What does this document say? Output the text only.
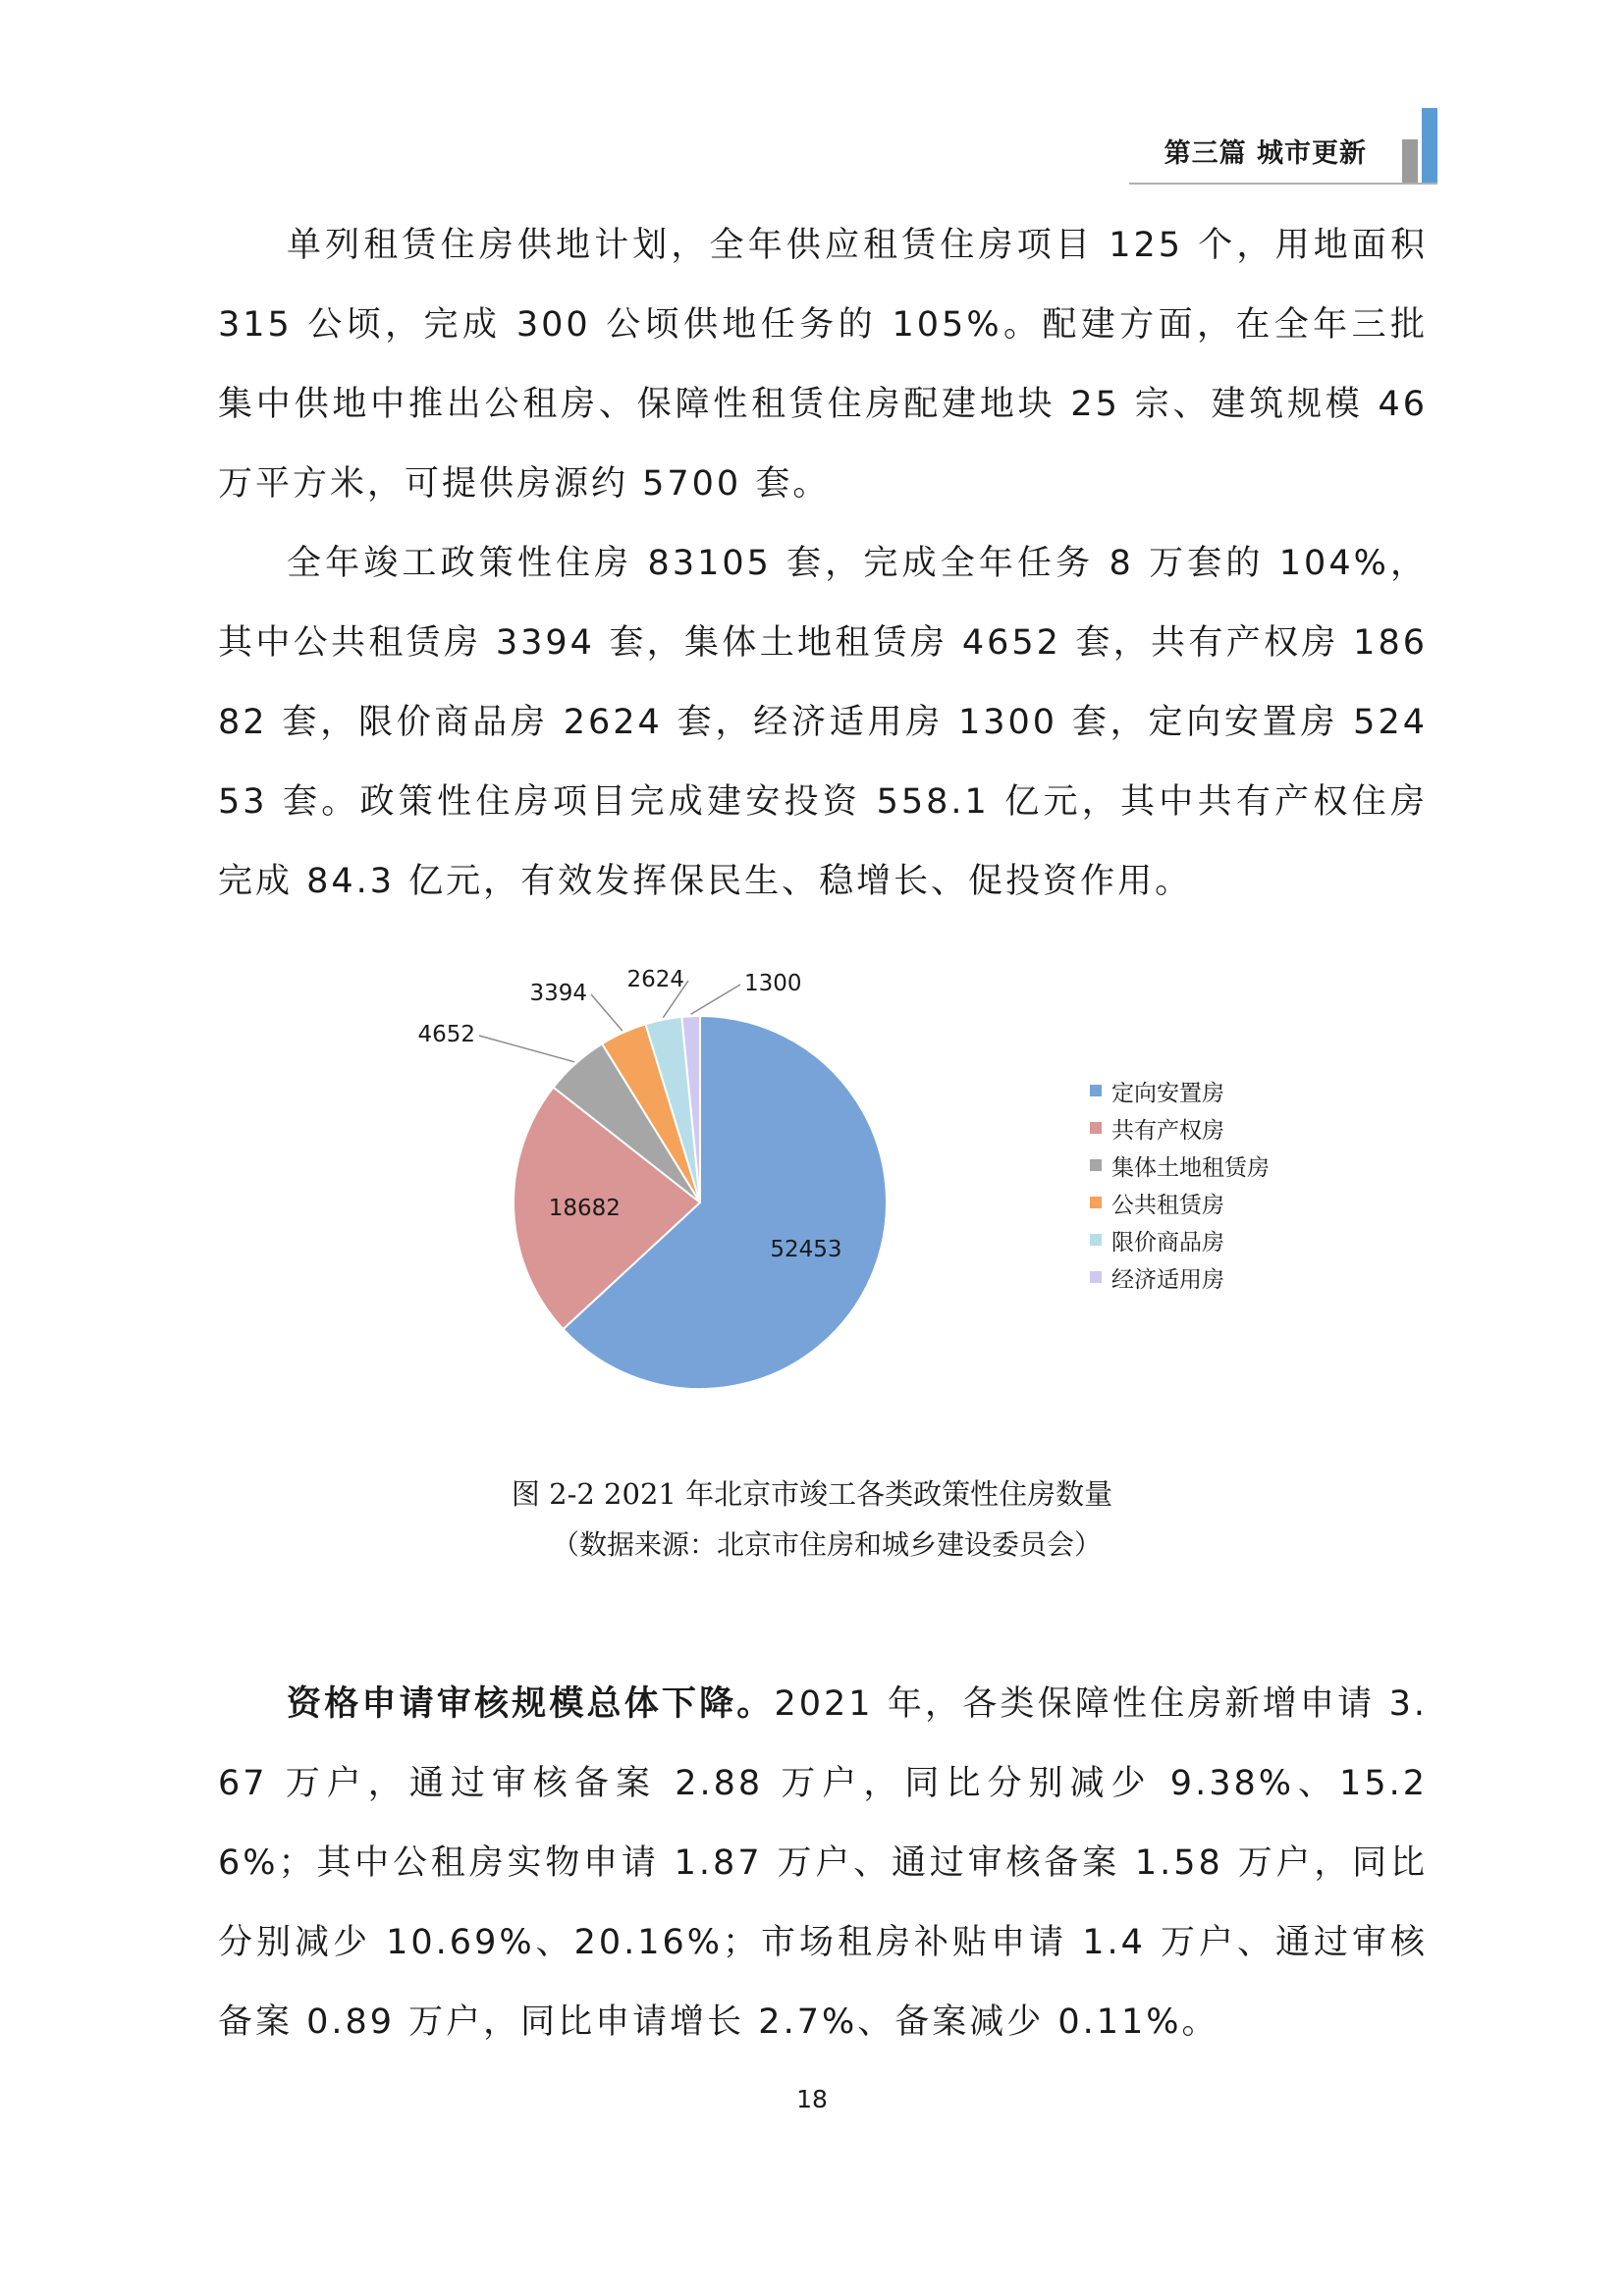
第三篇 城市更新

单列租赁住房供地计划，全年供应租赁住房项目 125 个，用地面积 315 公顷，完成 300 公顷供地任务的 105%。配建方面，在全年三批集中供地中推出公租房、保障性租赁住房配建地块 25 宗、建筑规模 46 万平方米，可提供房源约 5700 套。

全年竣工政策性住房 83105 套，完成全年任务 8 万套的 104%，其中公共租赁房 3394 套，集体土地租赁房 4652 套，共有产权房 18682 套，限价商品房 2624 套，经济适用房 1300 套，定向安置房 52453 套。政策性住房项目完成建安投资 558.1 亿元，其中共有产权住房完成 84.3 亿元，有效发挥保民生、稳增长、促投资作用。

52453
18682
4652
3394
2624	1300
定向安置房
共有产权房
集体土地租赁房
公共租赁房
限价商品房
经济适用房

图 2-2 2021 年北京市竣工各类政策性住房数量

（数据来源：北京市住房和城乡建设委员会）

资格申请审核规模总体下降。2021 年，各类保障性住房新增申请 3.67 万户，通过审核备案 2.88 万户，同比分别减少 9.38%、15.26%；其中公租房实物申请 1.87 万户、通过审核备案 1.58 万户，同比分别减少 10.69%、20.16%；市场租房补贴申请 1.4 万户、通过审核备案 0.89 万户，同比申请增长 2.7%、备案减少 0.11%。

18
